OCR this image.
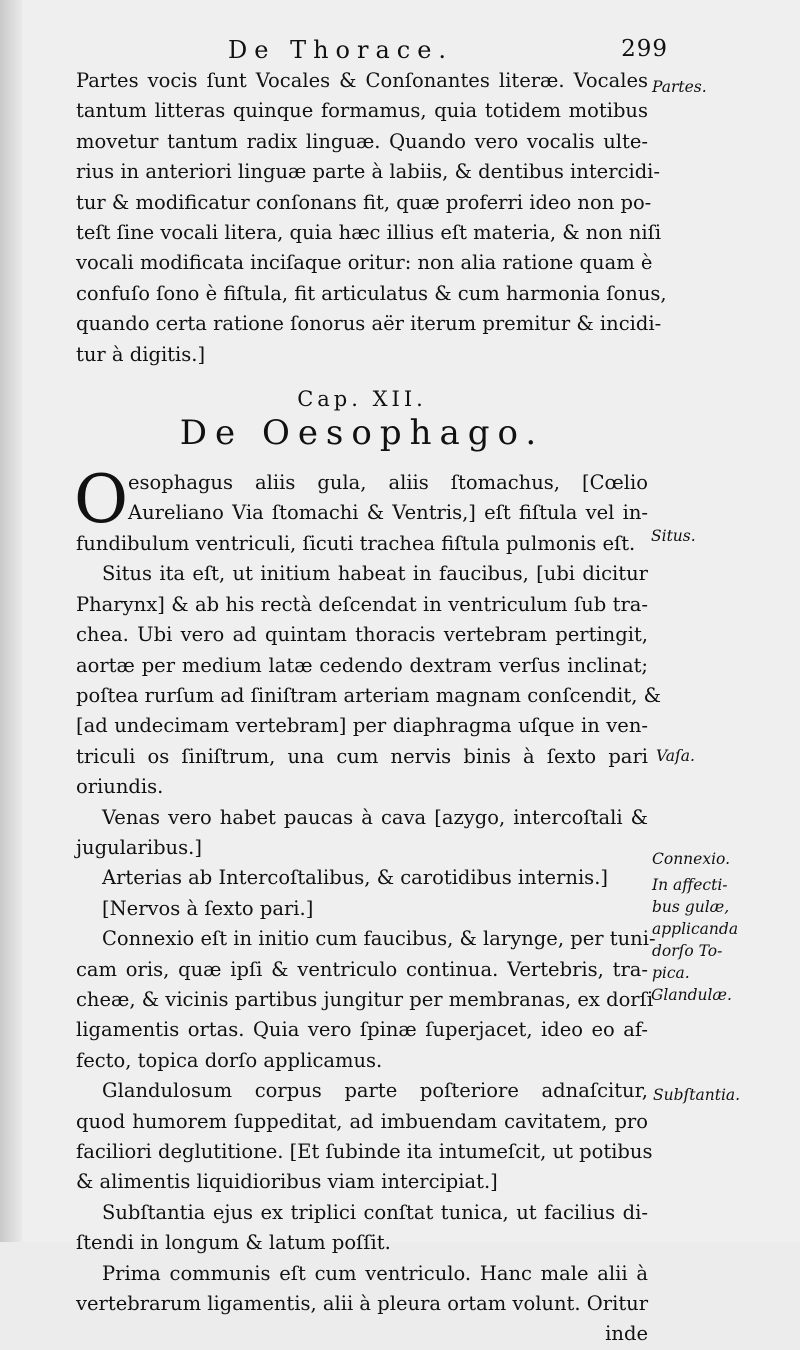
De Thorace.	299

Partes vocis ſunt Vocales & Conſonantes literæ. Vocales
tantum litteras quinque formamus, quia totidem motibus
movetur tantum radix linguæ. Quando vero vocalis ulte-
rius in anteriori linguæ parte à labiis, & dentibus intercidi-
tur & modificatur conſonans fit, quæ proferri ideo non po-
teſt ſine vocali litera, quia hæc illius eſt materia, & non niſi
vocali modificata inciſaque oritur: non alia ratione quam è
confuſo ſono è fiſtula, fit articulatus & cum harmonia ſonus,
quando certa ratione ſonorus aër iterum premitur & incidi-
tur à digitis.]

Cap. XII.
De Oesophago.
O esophagus aliis gula, aliis ſtomachus, [Cœlio
Aureliano Via ſtomachi & Ventris,] eſt fiſtula vel in-
fundibulum ventriculi, ſicuti trachea fiſtula pulmonis eſt.

Situs ita eſt, ut initium habeat in faucibus, [ubi dicitur
Pharynx] & ab his rectà deſcendat in ventriculum ſub tra-
chea. Ubi vero ad quintam thoracis vertebram pertingit,
aortæ per medium latæ cedendo dextram verſus inclinat;
poſtea rurſum ad ſiniſtram arteriam magnam conſcendit, &
[ad undecimam vertebram] per diaphragma uſque in ven-
triculi os ſiniſtrum, una cum nervis binis à ſexto pari
oriundis.

Venas vero habet paucas à cava [azygo, intercoſtali &
jugularibus.]

Arterias ab Intercoſtalibus, & carotidibus internis.]

[Nervos à ſexto pari.]

Connexio eſt in initio cum faucibus, & larynge, per tuni-
cam oris, quæ ipſi & ventriculo continua. Vertebris, tra-
cheæ, & vicinis partibus jungitur per membranas, ex dorſi
ligamentis ortas. Quia vero ſpinæ ſuperjacet, ideo eo af-
fecto, topica dorſo applicamus.

Glandulosum corpus parte poſteriore adnaſcitur,
quod humorem ſuppeditat, ad imbuendam cavitatem, pro
faciliori deglutitione. [Et ſubinde ita intumeſcit, ut potibus
& alimentis liquidioribus viam intercipiat.]

Subſtantia ejus ex triplici conſtat tunica, ut facilius di-
ſtendi in longum & latum poſſit.

Prima communis eſt cum ventriculo. Hanc male alii à
vertebrarum ligamentis, alii à pleura ortam volunt. Oritur

inde
Partes.
Situs.
Vaſa.
Connexio.
In affecti-
bus gulæ,
applicanda
dorſo To-
pica.
Glandulæ.
Subſtantia.
